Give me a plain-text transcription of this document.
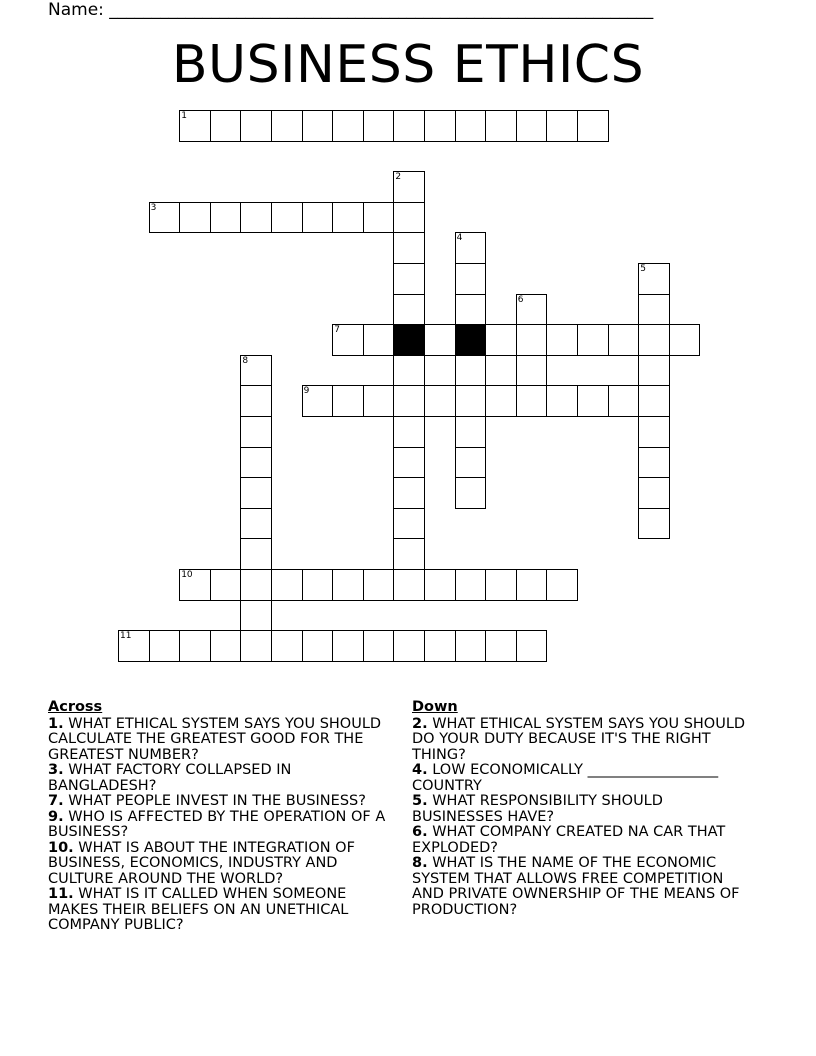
Name: ________________________________________________________________
BUSINESS ETHICS
1
2
3
4
5
6
7
8
9
10
11
Across
1. WHAT ETHICAL SYSTEM SAYS YOU SHOULD CALCULATE THE GREATEST GOOD FOR THE GREATEST NUMBER?
3. WHAT FACTORY COLLAPSED IN BANGLADESH?
7. WHAT PEOPLE INVEST IN THE BUSINESS?
9. WHO IS AFFECTED BY THE OPERATION OF A BUSINESS?
10. WHAT IS ABOUT THE INTEGRATION OF BUSINESS, ECONOMICS, INDUSTRY AND CULTURE AROUND THE WORLD?
11. WHAT IS IT CALLED WHEN SOMEONE MAKES THEIR BELIEFS ON AN UNETHICAL COMPANY PUBLIC?
Down
2. WHAT ETHICAL SYSTEM SAYS YOU SHOULD DO YOUR DUTY BECAUSE IT'S THE RIGHT THING?
4. LOW ECONOMICALLY __________________ COUNTRY
5. WHAT RESPONSIBILITY SHOULD BUSINESSES HAVE?
6. WHAT COMPANY CREATED NA CAR THAT EXPLODED?
8. WHAT IS THE NAME OF THE ECONOMIC SYSTEM THAT ALLOWS FREE COMPETITION AND PRIVATE OWNERSHIP OF THE MEANS OF PRODUCTION?
